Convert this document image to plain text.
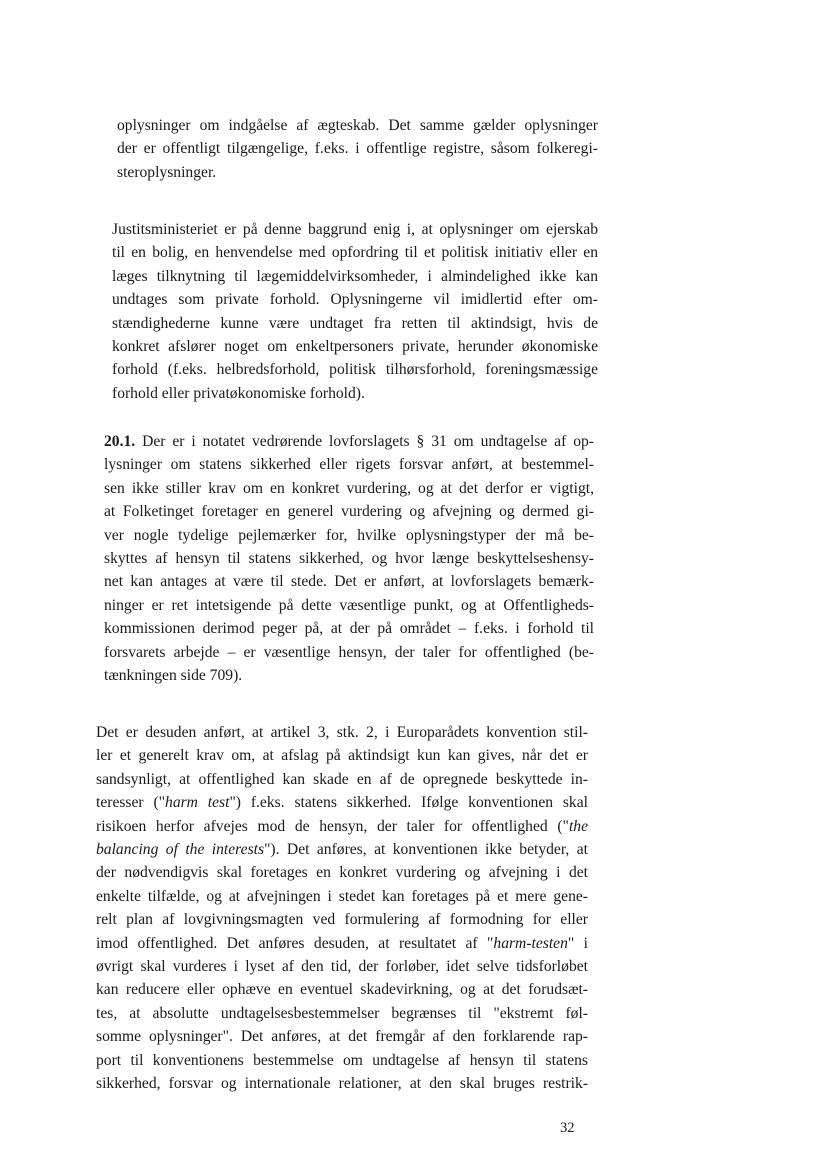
oplysninger om indgåelse af ægteskab. Det samme gælder oplysninger
der er offentligt tilgængelige, f.eks. i offentlige registre, såsom folkeregi-
steroplysninger.
Justitsministeriet er på denne baggrund enig i, at oplysninger om ejerskab
til en bolig, en henvendelse med opfordring til et politisk initiativ eller en
læges tilknytning til lægemiddelvirksomheder, i almindelighed ikke kan
undtages som private forhold. Oplysningerne vil imidlertid efter om-
stændighederne kunne være undtaget fra retten til aktindsigt, hvis de
konkret afslører noget om enkeltpersoners private, herunder økonomiske
forhold (f.eks. helbredsforhold, politisk tilhørsforhold, foreningsmæssige
forhold eller privatøkonomiske forhold).
20.1. Der er i notatet vedrørende lovforslagets § 31 om undtagelse af op-
lysninger om statens sikkerhed eller rigets forsvar anført, at bestemmel-
sen ikke stiller krav om en konkret vurdering, og at det derfor er vigtigt,
at Folketinget foretager en generel vurdering og afvejning og dermed gi-
ver nogle tydelige pejlemærker for, hvilke oplysningstyper der må be-
skyttes af hensyn til statens sikkerhed, og hvor længe beskyttelseshensy-
net kan antages at være til stede. Det er anført, at lovforslagets bemærk-
ninger er ret intetsigende på dette væsentlige punkt, og at Offentligheds-
kommissionen derimod peger på, at der på området – f.eks. i forhold til
forsvarets arbejde – er væsentlige hensyn, der taler for offentlighed (be-
tænkningen side 709).
Det er desuden anført, at artikel 3, stk. 2, i Europarådets konvention stil-
ler et generelt krav om, at afslag på aktindsigt kun kan gives, når det er
sandsynligt, at offentlighed kan skade en af de opregnede beskyttede in-
teresser ("harm test") f.eks. statens sikkerhed. Ifølge konventionen skal
risikoen herfor afvejes mod de hensyn, der taler for offentlighed ("the
balancing of the interests"). Det anføres, at konventionen ikke betyder, at
der nødvendigvis skal foretages en konkret vurdering og afvejning i det
enkelte tilfælde, og at afvejningen i stedet kan foretages på et mere gene-
relt plan af lovgivningsmagten ved formulering af formodning for eller
imod offentlighed. Det anføres desuden, at resultatet af "harm-testen" i
øvrigt skal vurderes i lyset af den tid, der forløber, idet selve tidsforløbet
kan reducere eller ophæve en eventuel skadevirkning, og at det forudsæt-
tes, at absolutte undtagelsesbestemmelser begrænses til "ekstremt føl-
somme oplysninger". Det anføres, at det fremgår af den forklarende rap-
port til konventionens bestemmelse om undtagelse af hensyn til statens
sikkerhed, forsvar og internationale relationer, at den skal bruges restrik-
32
